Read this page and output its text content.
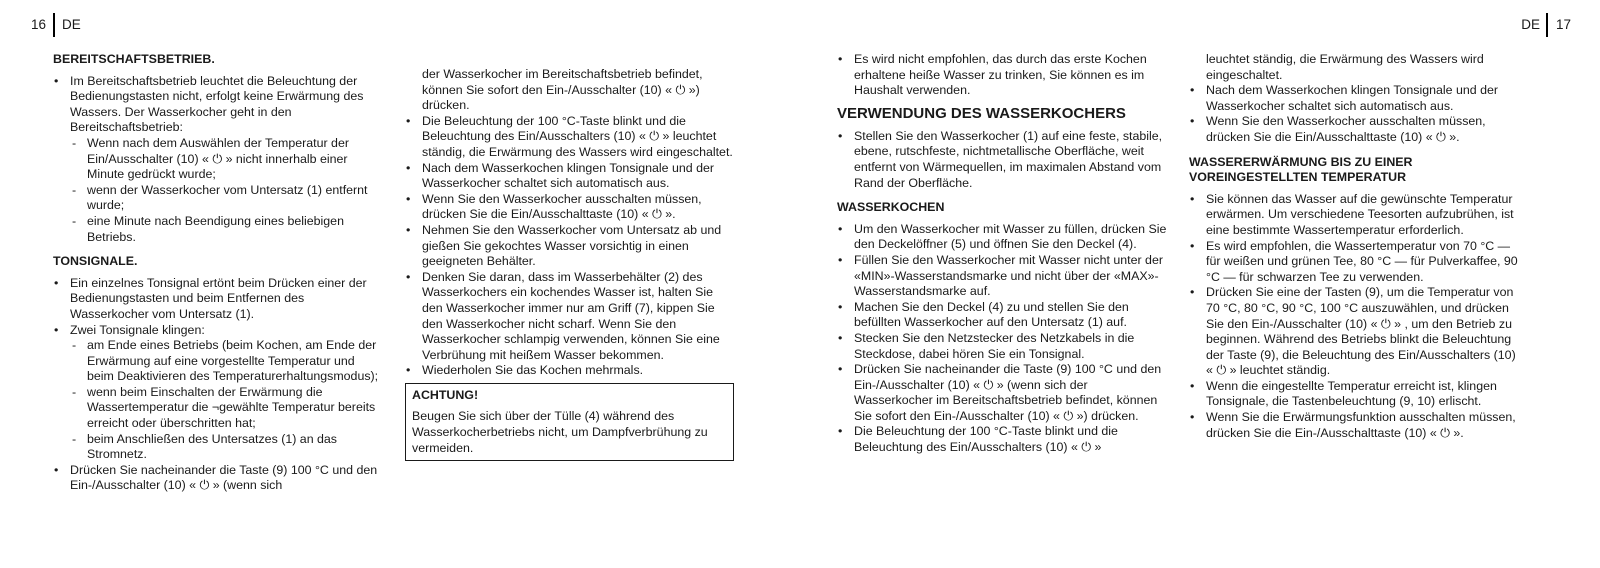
16 DE	DE 17
BEREITSCHAFTSBETRIEB.
• Im Bereitschaftsbetrieb leuchtet die Beleuchtung der Bedienungstasten nicht, erfolgt keine Erwärmung des Wassers. Der Wasserkocher geht in den Bereitschaftsbetrieb:
- Wenn nach dem Auswählen der Temperatur der Ein/Ausschalter (10) « ⏻ » nicht innerhalb einer Minute gedrückt wurde;
- wenn der Wasserkocher vom Untersatz (1) entfernt wurde;
- eine Minute nach Beendigung eines beliebigen Betriebs.
TONSIGNALE.
• Ein einzelnes Tonsignal ertönt beim Drücken einer der Bedienungstasten und beim Entfernen des Wasserkocher vom Untersatz (1).
• Zwei Tonsignale klingen:
- am Ende eines Betriebs (beim Kochen, am Ende der Erwärmung auf eine vorgestellte Temperatur und beim Deaktivieren des Temperaturerhaltungsmodus);
- wenn beim Einschalten der Erwärmung die Wassertemperatur die ¬gewählte Temperatur bereits erreicht oder überschritten hat;
- beim Anschließen des Untersatzes (1) an das Stromnetz.
• Drücken Sie nacheinander die Taste (9) 100 °C und den Ein-/Ausschalter (10) « ⏻ » (wenn sich
der Wasserkocher im Bereitschaftsbetrieb befindet, können Sie sofort den Ein-/Ausschalter (10) « ⏻ ») drücken.
• Die Beleuchtung der 100 °C-Taste blinkt und die Beleuchtung des Ein/Ausschalters (10) « ⏻ » leuchtet ständig, die Erwärmung des Wassers wird eingeschaltet.
• Nach dem Wasserkochen klingen Tonsignale und der Wasserkocher schaltet sich automatisch aus.
• Wenn Sie den Wasserkocher ausschalten müssen, drücken Sie die Ein/Ausschalttaste (10) « ⏻ ».
• Nehmen Sie den Wasserkocher vom Untersatz ab und gießen Sie gekochtes Wasser vorsichtig in einen geeigneten Behälter.
• Denken Sie daran, dass im Wasserbehälter (2) des Wasserkochers ein kochendes Wasser ist, halten Sie den Wasserkocher immer nur am Griff (7), kippen Sie den Wasserkocher nicht scharf. Wenn Sie den Wasserkocher schlampig verwenden, können Sie eine Verbrühung mit heißem Wasser bekommen.
• Wiederholen Sie das Kochen mehrmals.
ACHTUNG!

Beugen Sie sich über der Tülle (4) während des Wasserkocherbetriebs nicht, um Dampfverbrühung zu vermeiden.

• Es wird nicht empfohlen, das durch das erste Kochen erhaltene heiße Wasser zu trinken, Sie können es im Haushalt verwenden.
VERWENDUNG DES WASSERKOCHERS
• Stellen Sie den Wasserkocher (1) auf eine feste, stabile, ebene, rutschfeste, nichtmetallische Oberfläche, weit entfernt von Wärmequellen, im maximalen Abstand vom Rand der Oberfläche.
WASSERKOCHEN
• Um den Wasserkocher mit Wasser zu füllen, drücken Sie den Deckelöffner (5) und öffnen Sie den Deckel (4).
• Füllen Sie den Wasserkocher mit Wasser nicht unter der «MIN»-Wasserstandsmarke und nicht über der «MAX»-Wasserstandsmarke auf.
• Machen Sie den Deckel (4) zu und stellen Sie den befüllten Wasserkocher auf den Untersatz (1) auf.
• Stecken Sie den Netzstecker des Netzkabels in die Steckdose, dabei hören Sie ein Tonsignal.
• Drücken Sie nacheinander die Taste (9) 100 °C und den Ein-/Ausschalter (10) « ⏻ » (wenn sich der Wasserkocher im Bereitschaftsbetrieb befindet, können Sie sofort den Ein-/Ausschalter (10) « ⏻ ») drücken.
• Die Beleuchtung der 100 °C-Taste blinkt und die Beleuchtung des Ein/Ausschalters (10) « ⏻ »
leuchtet ständig, die Erwärmung des Wassers wird eingeschaltet.
• Nach dem Wasserkochen klingen Tonsignale und der Wasserkocher schaltet sich automatisch aus.
• Wenn Sie den Wasserkocher ausschalten müssen, drücken Sie die Ein/Ausschalttaste (10) « ⏻ ».
WASSERERWÄRMUNG BIS ZU EINER VOREINGESTELLTEN TEMPERATUR
• Sie können das Wasser auf die gewünschte Temperatur erwärmen. Um verschiedene Teesorten aufzubrühen, ist eine bestimmte Wassertemperatur erforderlich.
• Es wird empfohlen, die Wassertemperatur von 70 °C — für weißen und grünen Tee, 80 °C — für Pulverkaffee, 90 °C — für schwarzen Tee zu verwenden.
• Drücken Sie eine der Tasten (9), um die Temperatur von 70 °C, 80 °C, 90 °C, 100 °C auszuwählen, und drücken Sie den Ein-/Ausschalter (10) « ⏻ » , um den Betrieb zu beginnen. Während des Betriebs blinkt die Beleuchtung der Taste (9), die Beleuchtung des Ein/Ausschalters (10) « ⏻ » leuchtet ständig.
• Wenn die eingestellte Temperatur erreicht ist, klingen Tonsignale, die Tastenbeleuchtung (9, 10) erlischt.
• Wenn Sie die Erwärmungsfunktion ausschalten müssen, drücken Sie die Ein-/Ausschalttaste (10) « ⏻ ».
